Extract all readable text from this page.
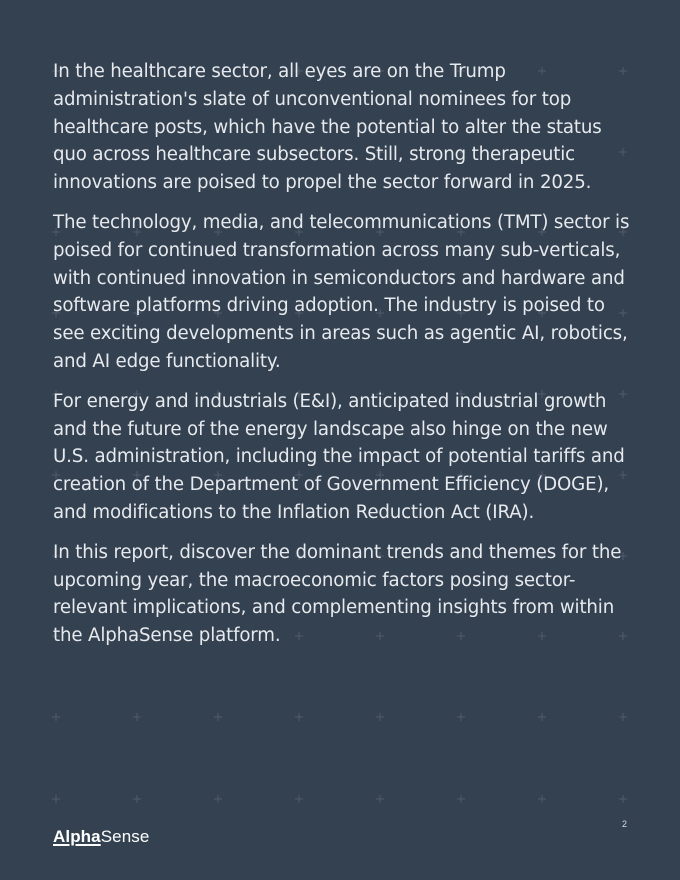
In the healthcare sector, all eyes are on the Trump administration's slate of unconventional nominees for top healthcare posts, which have the potential to alter the status quo across healthcare subsectors. Still, strong therapeutic innovations are poised to propel the sector forward in 2025.

The technology, media, and telecommunications (TMT) sector is poised for continued transformation across many sub-verticals, with continued innovation in semiconductors and hardware and software platforms driving adoption. The industry is poised to see exciting developments in areas such as agentic AI, robotics, and AI edge functionality.

For energy and industrials (E&I), anticipated industrial growth and the future of the energy landscape also hinge on the new U.S. administration, including the impact of potential tariffs and creation of the Department of Government Efficiency (DOGE), and modifications to the Inflation Reduction Act (IRA).

In this report, discover the dominant trends and themes for the upcoming year, the macroeconomic factors posing sector-relevant implications, and complementing insights from within the AlphaSense platform.

AlphaSense
2
